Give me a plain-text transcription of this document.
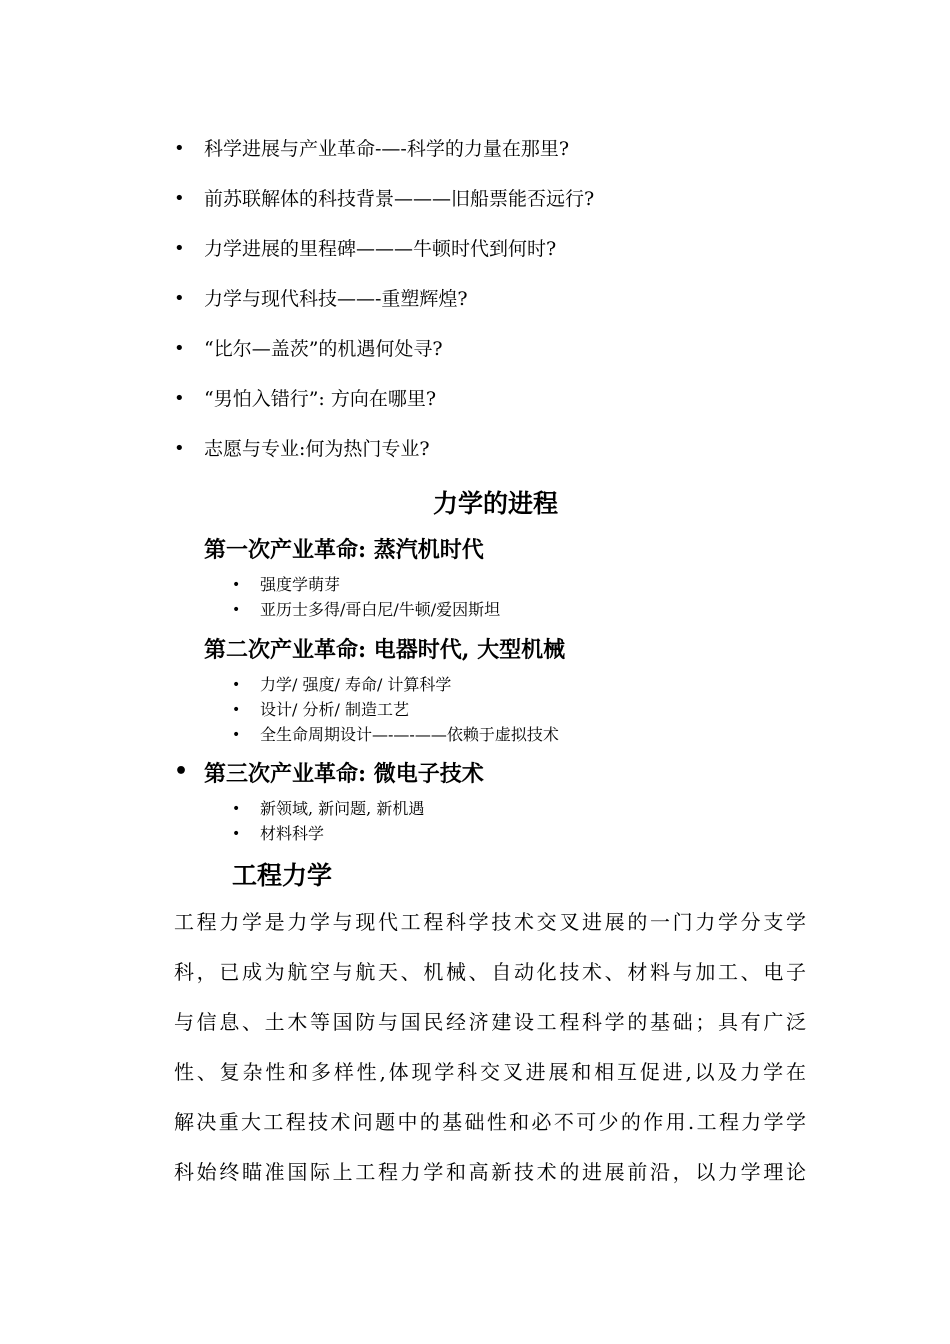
• 科学进展与产业革命-—-科学的力量在那里?
• 前苏联解体的科技背景———旧船票能否远行?
• 力学进展的里程碑———牛顿时代到何时?
• 力学与现代科技——-重塑辉煌?
• “比尔—盖茨”的机遇何处寻?
• “男怕入错行”: 方向在哪里?
• 志愿与专业:何为热门专业?
力学的进程
第一次产业革命: 蒸汽机时代
• 强度学萌芽
• 亚历士多得/哥白尼/牛顿/爱因斯坦
第二次产业革命: 电器时代, 大型机械
• 力学/ 强度/ 寿命/ 计算科学
• 设计/ 分析/ 制造工艺
• 全生命周期设计—-—-——依赖于虚拟技术
• 第三次产业革命: 微电子技术
• 新领域, 新问题, 新机遇
• 材料科学
工程力学
工程力学是力学与现代工程科学技术交叉进展的一门力学分支学
科，已成为航空与航天、机械、自动化技术、材料与加工、电子
与信息、土木等国防与国民经济建设工程科学的基础；具有广泛
性、复杂性和多样性,体现学科交叉进展和相互促进,以及力学在
解决重大工程技术问题中的基础性和必不可少的作用.工程力学学
科始终瞄准国际上工程力学和高新技术的进展前沿，以力学理论
